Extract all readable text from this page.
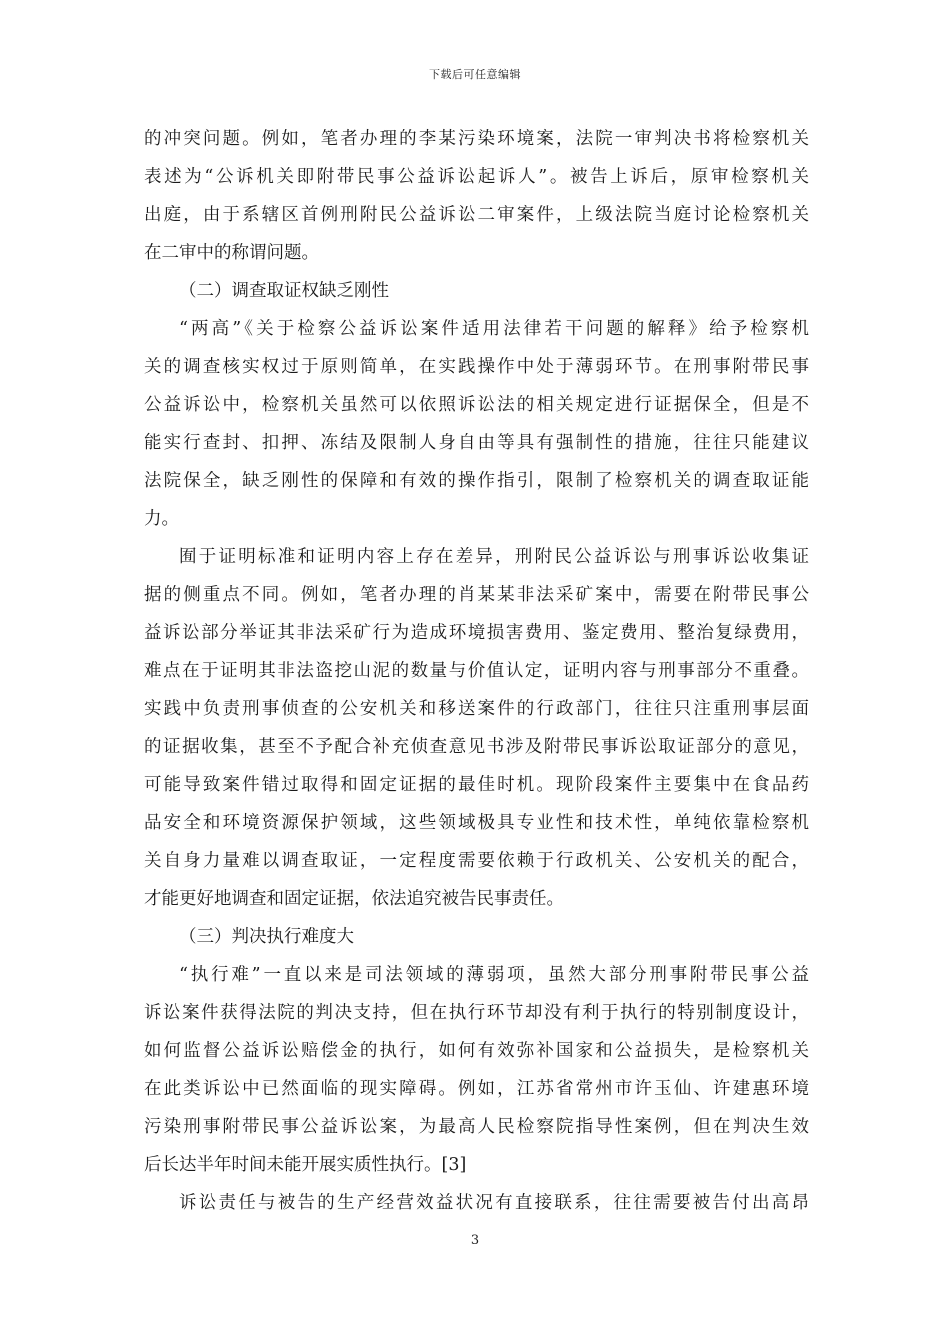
下载后可任意编辑
的冲突问题。例如，笔者办理的李某污染环境案，法院一审判决书将检察机关
表述为“公诉机关即附带民事公益诉讼起诉人”。被告上诉后，原审检察机关
出庭，由于系辖区首例刑附民公益诉讼二审案件，上级法院当庭讨论检察机关
在二审中的称谓问题。
（二）调查取证权缺乏刚性
“两高”《关于检察公益诉讼案件适用法律若干问题的解释》给予检察机
关的调查核实权过于原则简单，在实践操作中处于薄弱环节。在刑事附带民事
公益诉讼中，检察机关虽然可以依照诉讼法的相关规定进行证据保全，但是不
能实行查封、扣押、冻结及限制人身自由等具有强制性的措施，往往只能建议
法院保全，缺乏刚性的保障和有效的操作指引，限制了检察机关的调查取证能
力。
囿于证明标准和证明内容上存在差异，刑附民公益诉讼与刑事诉讼收集证
据的侧重点不同。例如，笔者办理的肖某某非法采矿案中，需要在附带民事公
益诉讼部分举证其非法采矿行为造成环境损害费用、鉴定费用、整治复绿费用，
难点在于证明其非法盗挖山泥的数量与价值认定，证明内容与刑事部分不重叠。
实践中负责刑事侦查的公安机关和移送案件的行政部门，往往只注重刑事层面
的证据收集，甚至不予配合补充侦查意见书涉及附带民事诉讼取证部分的意见，
可能导致案件错过取得和固定证据的最佳时机。现阶段案件主要集中在食品药
品安全和环境资源保护领域，这些领域极具专业性和技术性，单纯依靠检察机
关自身力量难以调查取证，一定程度需要依赖于行政机关、公安机关的配合，
才能更好地调查和固定证据，依法追究被告民事责任。
（三）判决执行难度大
“执行难”一直以来是司法领域的薄弱项，虽然大部分刑事附带民事公益
诉讼案件获得法院的判决支持，但在执行环节却没有利于执行的特别制度设计，
如何监督公益诉讼赔偿金的执行，如何有效弥补国家和公益损失，是检察机关
在此类诉讼中已然面临的现实障碍。例如，江苏省常州市许玉仙、许建惠环境
污染刑事附带民事公益诉讼案，为最高人民检察院指导性案例，但在判决生效
后长达半年时间未能开展实质性执行。[3]
诉讼责任与被告的生产经营效益状况有直接联系，往往需要被告付出高昂
3
